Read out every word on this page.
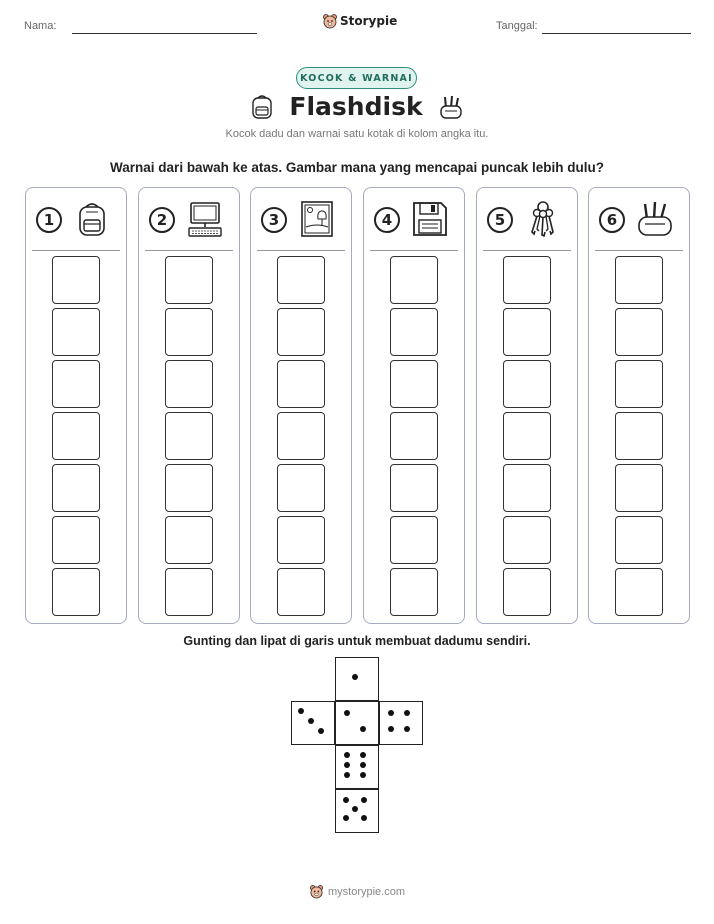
Nama:	Storypie	Tanggal:
KOCOK & WARNAI
Flashdisk
Kocok dadu dan warnai satu kotak di kolom angka itu.
Warnai dari bawah ke atas. Gambar mana yang mencapai puncak lebih dulu?
1	2	3	4	5	6
Gunting dan lipat di garis untuk membuat dadumu sendiri.
mystorypie.com
